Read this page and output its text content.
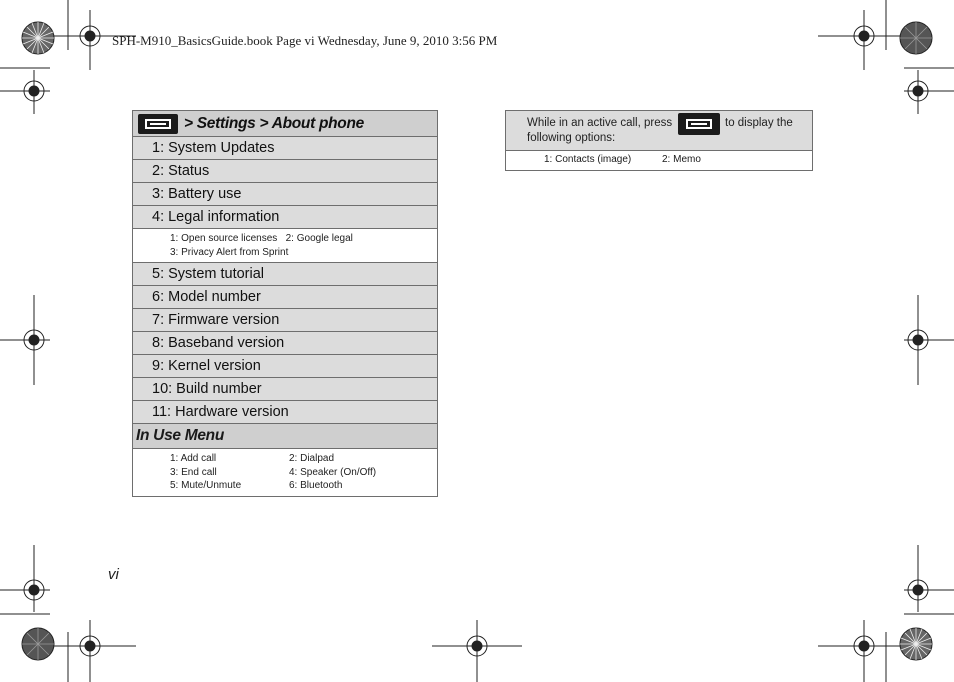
SPH-M910_BasicsGuide.book Page vi Wednesday, June 9, 2010 3:56 PM
> Settings > About phone
1: System Updates
2: Status
3: Battery use
4: Legal information
1: Open source licenses 2: Google legal
3: Privacy Alert from Sprint
5: System tutorial
6: Model number
7: Firmware version
8: Baseband version
9: Kernel version
10: Build number
11: Hardware version
In Use Menu
1: Add call	2: Dialpad
3: End call	4: Speaker (On/Off)
5: Mute/Unmute	6: Bluetooth
While in an active call, press	to display the
following options:
1: Contacts (image)	2: Memo
vi
